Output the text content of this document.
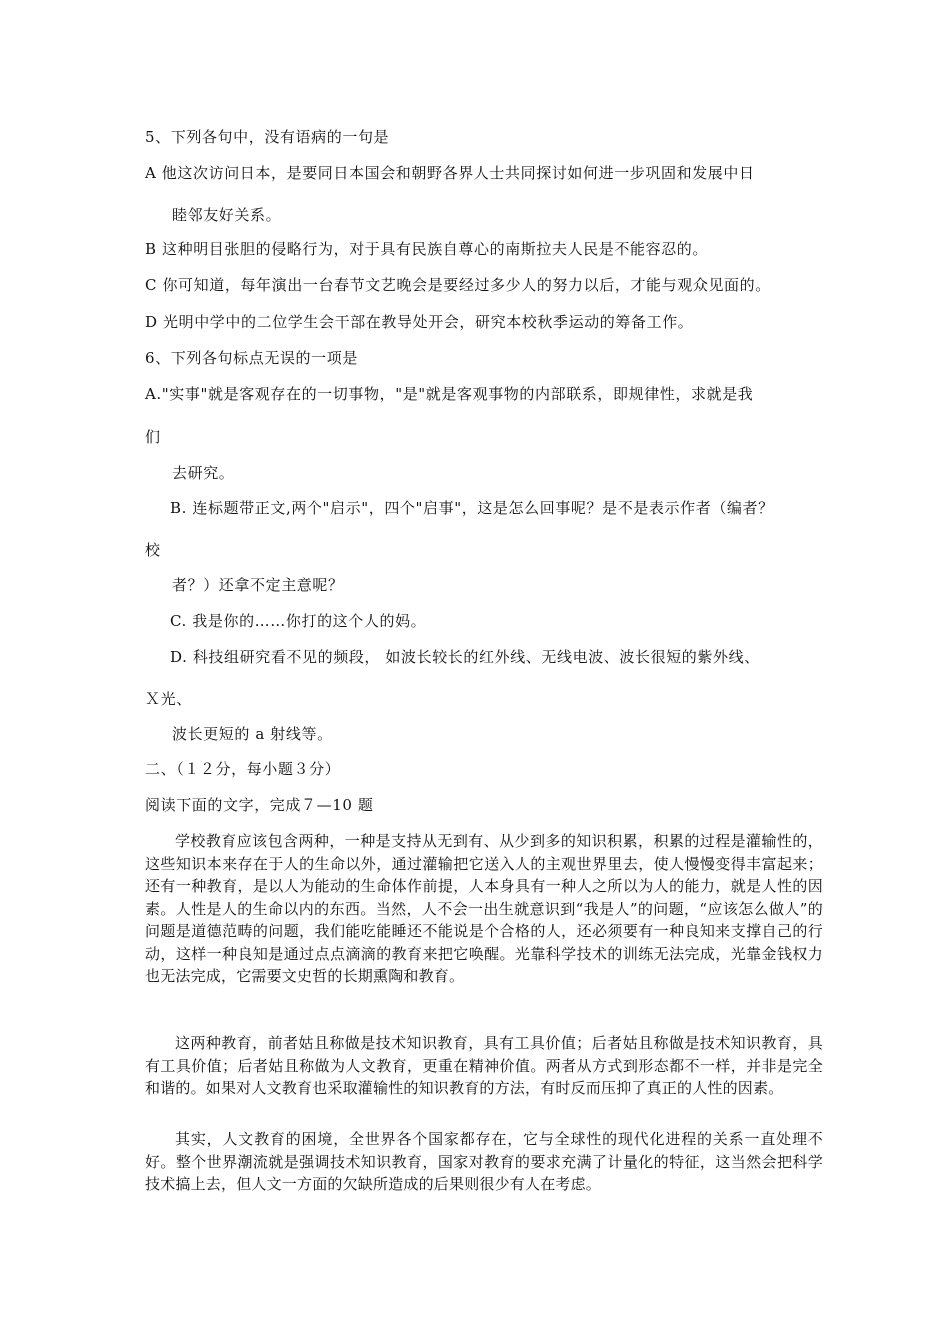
5、下列各句中，没有语病的一句是
A 他这次访问日本，是要同日本国会和朝野各界人士共同探讨如何进一步巩固和发展中日
睦邻友好关系。
B 这种明目张胆的侵略行为，对于具有民族自尊心的南斯拉夫人民是不能容忍的。
C 你可知道，每年演出一台春节文艺晚会是要经过多少人的努力以后，才能与观众见面的。
D 光明中学中的二位学生会干部在教导处开会，研究本校秋季运动的筹备工作。
6、下列各句标点无误的一项是
A."实事"就是客观存在的一切事物，"是"就是客观事物的内部联系，即规律性，求就是我
们
去研究。
B. 连标题带正文,两个"启示"，四个"启事"，这是怎么回事呢？是不是表示作者（编者？
校
者？）还拿不定主意呢？
C. 我是你的……你打的这个人的妈。
D. 科技组研究看不见的频段， 如波长较长的红外线、无线电波、波长很短的紫外线、
Ｘ光、
波长更短的 a 射线等。
二、（１２分，每小题３分）
阅读下面的文字，完成７—10 题
学校教育应该包含两种，一种是支持从无到有、从少到多的知识积累，积累的过程是灌输性的，这些知识本来存在于人的生命以外，通过灌输把它送入人的主观世界里去，使人慢慢变得丰富起来；还有一种教育，是以人为能动的生命体作前提，人本身具有一种人之所以为人的能力，就是人性的因素。人性是人的生命以内的东西。当然，人不会一出生就意识到“我是人”的问题，“应该怎么做人”的问题是道德范畴的问题，我们能吃能睡还不能说是个合格的人，还必须要有一种良知来支撑自己的行动，这样一种良知是通过点点滴滴的教育来把它唤醒。光靠科学技术的训练无法完成，光靠金钱权力也无法完成，它需要文史哲的长期熏陶和教育。
这两种教育，前者姑且称做是技术知识教育，具有工具价值；后者姑且称做是技术知识教育，具有工具价值；后者姑且称做为人文教育，更重在精神价值。两者从方式到形态都不一样，并非是完全和谐的。如果对人文教育也采取灌输性的知识教育的方法，有时反而压抑了真正的人性的因素。
其实，人文教育的困境，全世界各个国家都存在，它与全球性的现代化进程的关系一直处理不好。整个世界潮流就是强调技术知识教育，国家对教育的要求充满了计量化的特征，这当然会把科学技术搞上去，但人文一方面的欠缺所造成的后果则很少有人在考虑。
